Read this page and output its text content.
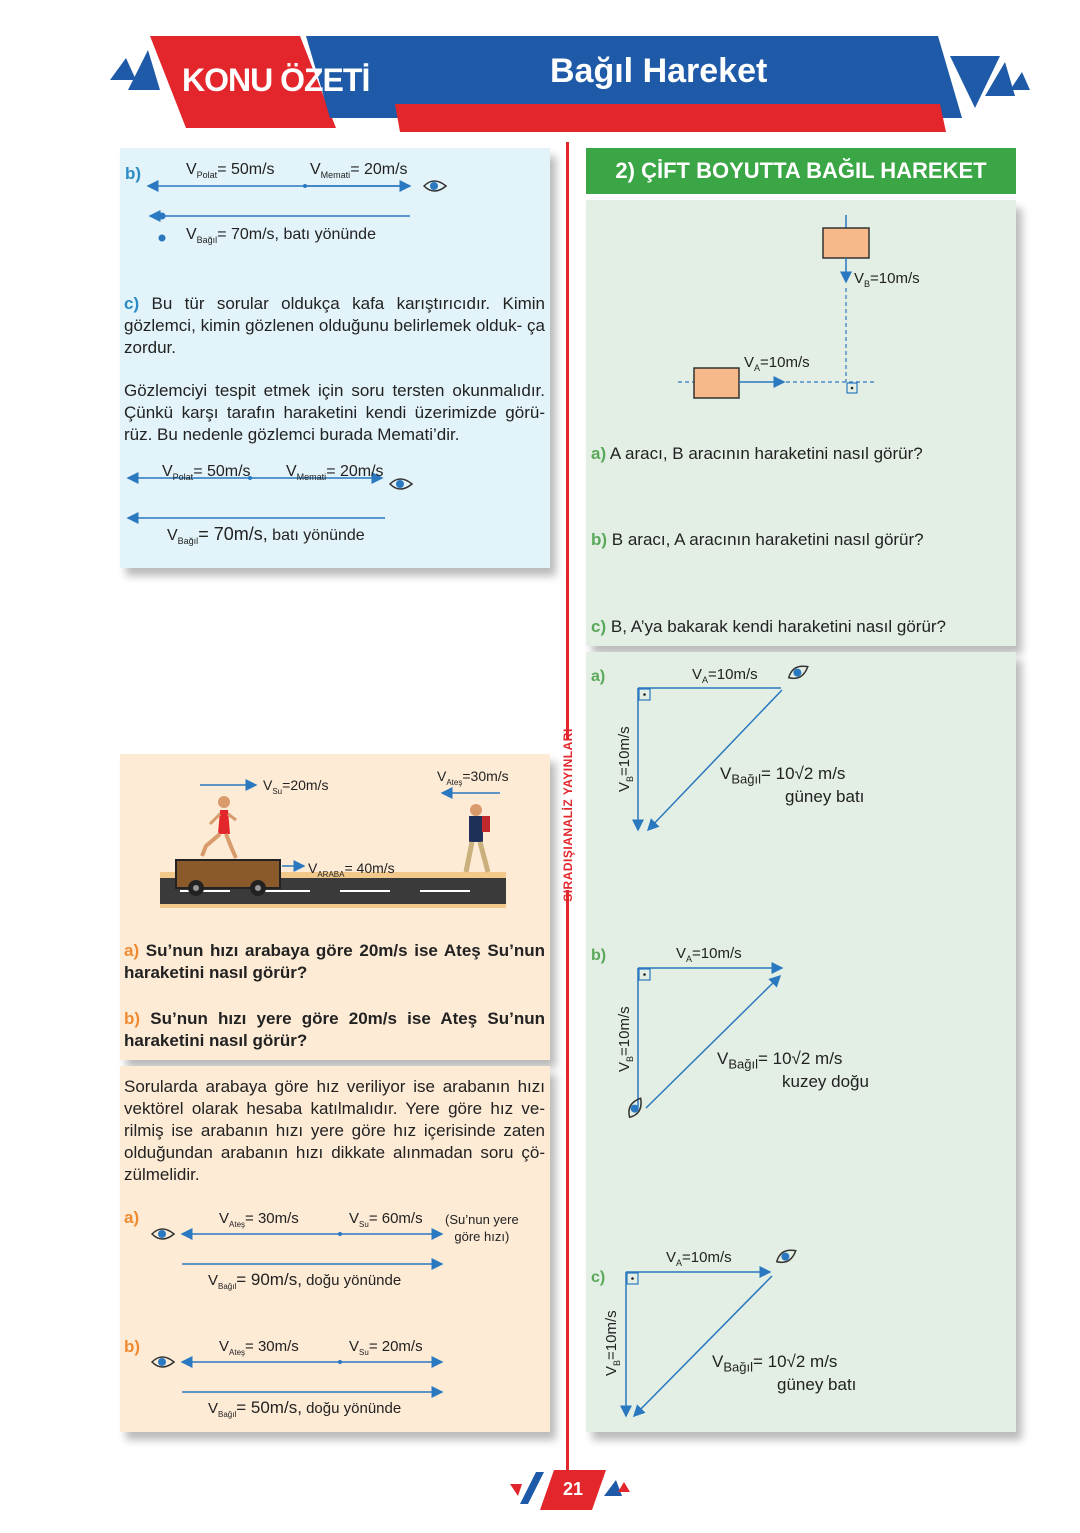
KONU ÖZETİ	Bağıl Hareket
SIRADIŞIANALİZ YAYINLARI
b)	$V_{Polat}= 50m/s$ $V_{Memati}= 20m/s$
$V_{Bağıl}= 70m/s$, batı yönünde
c) Bu tür sorular oldukça kafa karıştırıcıdır. Kimin gözlemci, kimin gözlenen olduğunu belirlemek olduk- ça zordur.
Gözlemciyi tespit etmek için soru tersten okunmalıdır. Çünkü karşı tarafın haraketini kendi üzerimizde görü- rüz. Bu nedenle gözlemci burada Memati’dir.
$V_{Polat}= 50m/s$ $V_{Memati}= 20m/s$
$V_{Bağıl}= 70m/s$, batı yönünde
$V_{Su}=20m/s$
$V_{Ateş}=30m/s$
$V_{ARABA}= 40m/s$
a) Su’nun hızı arabaya göre 20m/s ise Ateş Su’nun haraketini nasıl görür?
b) Su’nun hızı yere göre 20m/s ise Ateş Su’nun haraketini nasıl görür?
Sorularda arabaya göre hız veriliyor ise arabanın hızı vektörel olarak hesaba katılmalıdır. Yere göre hız ve- rilmiş ise arabanın hızı yere göre hız içerisinde zaten olduğundan arabanın hızı dikkate alınmadan soru çö- zülmelidir.
a)
b)
$V_{Ateş}= 30m/s$	$V_{Su}= 60m/s$ (Su’nun yere
göre hızı)
$V_{Bağıl}= 90m/s$, doğu yönünde
$V_{Ateş}= 30m/s$	$V_{Su}= 20m/s$
$V_{Bağıl}= 50m/s$, doğu yönünde
2) ÇİFT BOYUTTA BAĞIL HAREKET
$V_B=10m/s$
$V_A=10m/s$
a) A aracı, B aracının haraketini nasıl görür?
b) B aracı, A aracının haraketini nasıl görür?
c) B, A’ya bakarak kendi haraketini nasıl görür?
a)	$V_A=10m/s$
$V_B=10m/s$	$V_{Bağıl}= 10√2$ m/s
güney batı
b)	$V_A=10m/s$
$V_B=10m/s$
$V_{Bağıl}= 10√2$ m/s
kuzey doğu
c)
$V_A=10m/s$
$V_B=10m/s$
$V_{Bağıl}= 10√2$ m/s
güney batı
21
